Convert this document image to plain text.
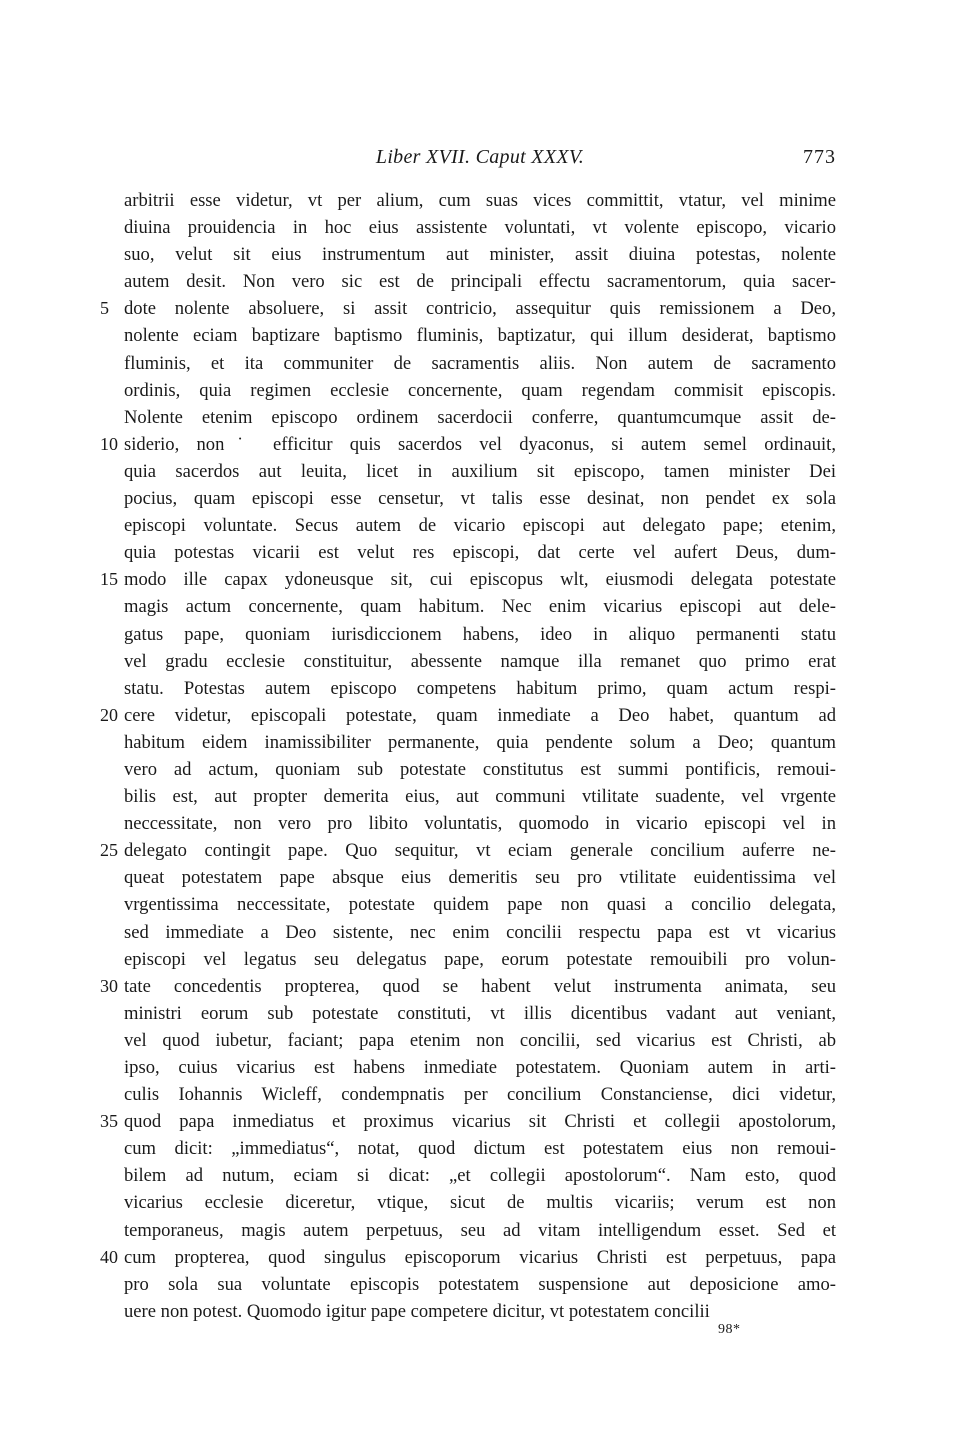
Liber XVII. Caput XXXV.	773
arbitrii esse videtur, vt per alium, cum suas vices committit, vtatur, vel minime
diuina prouidencia in hoc eius assistente voluntati, vt volente episcopo, vicario
suo, velut sit eius instrumentum aut minister, assit diuina potestas, nolente
autem desit. Non vero sic est de principali effectu sacramentorum, quia sacer-
5 dote nolente absoluere, si assit contricio, assequitur quis remissionem a Deo,
nolente eciam baptizare baptismo fluminis, baptizatur, qui illum desiderat, baptismo
fluminis, et ita communiter de sacramentis aliis. Non autem de sacramento
ordinis, quia regimen ecclesie concernente, quam regendam commisit episcopis.
Nolente etenim episcopo ordinem sacerdocii conferre, quantumcumque assit de-
10 siderio, non˙ efficitur quis sacerdos vel dyaconus, si autem semel ordinauit,
quia sacerdos aut leuita, licet in auxilium sit episcopo, tamen minister Dei
pocius, quam episcopi esse censetur, vt talis esse desinat, non pendet ex sola
episcopi voluntate. Secus autem de vicario episcopi aut delegato pape; etenim,
quia potestas vicarii est velut res episcopi, dat certe vel aufert Deus, dum-
15 modo ille capax ydoneusque sit, cui episcopus wlt, eiusmodi delegata potestate
magis actum concernente, quam habitum. Nec enim vicarius episcopi aut dele-
gatus pape, quoniam iurisdiccionem habens, ideo in aliquo permanenti statu
vel gradu ecclesie constituitur, abessente namque illa remanet quo primo erat
statu. Potestas autem episcopo competens habitum primo, quam actum respi-
20 cere videtur, episcopali potestate, quam inmediate a Deo habet, quantum ad
habitum eidem inamissibiliter permanente, quia pendente solum a Deo; quantum
vero ad actum, quoniam sub potestate constitutus est summi pontificis, remoui-
bilis est, aut propter demerita eius, aut communi vtilitate suadente, vel vrgente
neccessitate, non vero pro libito voluntatis, quomodo in vicario episcopi vel in
25 delegato contingit pape. Quo sequitur, vt eciam generale concilium auferre ne-
queat potestatem pape absque eius demeritis seu pro vtilitate euidentissima vel
vrgentissima neccessitate, potestate quidem pape non quasi a concilio delegata,
sed immediate a Deo sistente, nec enim concilii respectu papa est vt vicarius
episcopi vel legatus seu delegatus pape, eorum potestate remouibili pro volun-
30 tate concedentis propterea, quod se habent velut instrumenta animata, seu
ministri eorum sub potestate constituti, vt illis dicentibus vadant aut veniant,
vel quod iubetur, faciant; papa etenim non concilii, sed vicarius est Christi, ab
ipso, cuius vicarius est habens inmediate potestatem. Quoniam autem in arti-
culis Iohannis Wicleff, condempnatis per concilium Constanciense, dici videtur,
35 quod papa inmediatus et proximus vicarius sit Christi et collegii apostolorum,
cum dicit: „immediatus“, notat, quod dictum est potestatem eius non remoui-
bilem ad nutum, eciam si dicat: „et collegii apostolorum“. Nam esto, quod
vicarius ecclesie diceretur, vtique, sicut de multis vicariis; verum est non
temporaneus, magis autem perpetuus, seu ad vitam intelligendum esset. Sed et
40 cum propterea, quod singulus episcoporum vicarius Christi est perpetuus, papa
pro sola sua voluntate episcopis potestatem suspensione aut deposicione amo-
uere non potest. Quomodo igitur pape competere dicitur, vt potestatem concilii
98*
